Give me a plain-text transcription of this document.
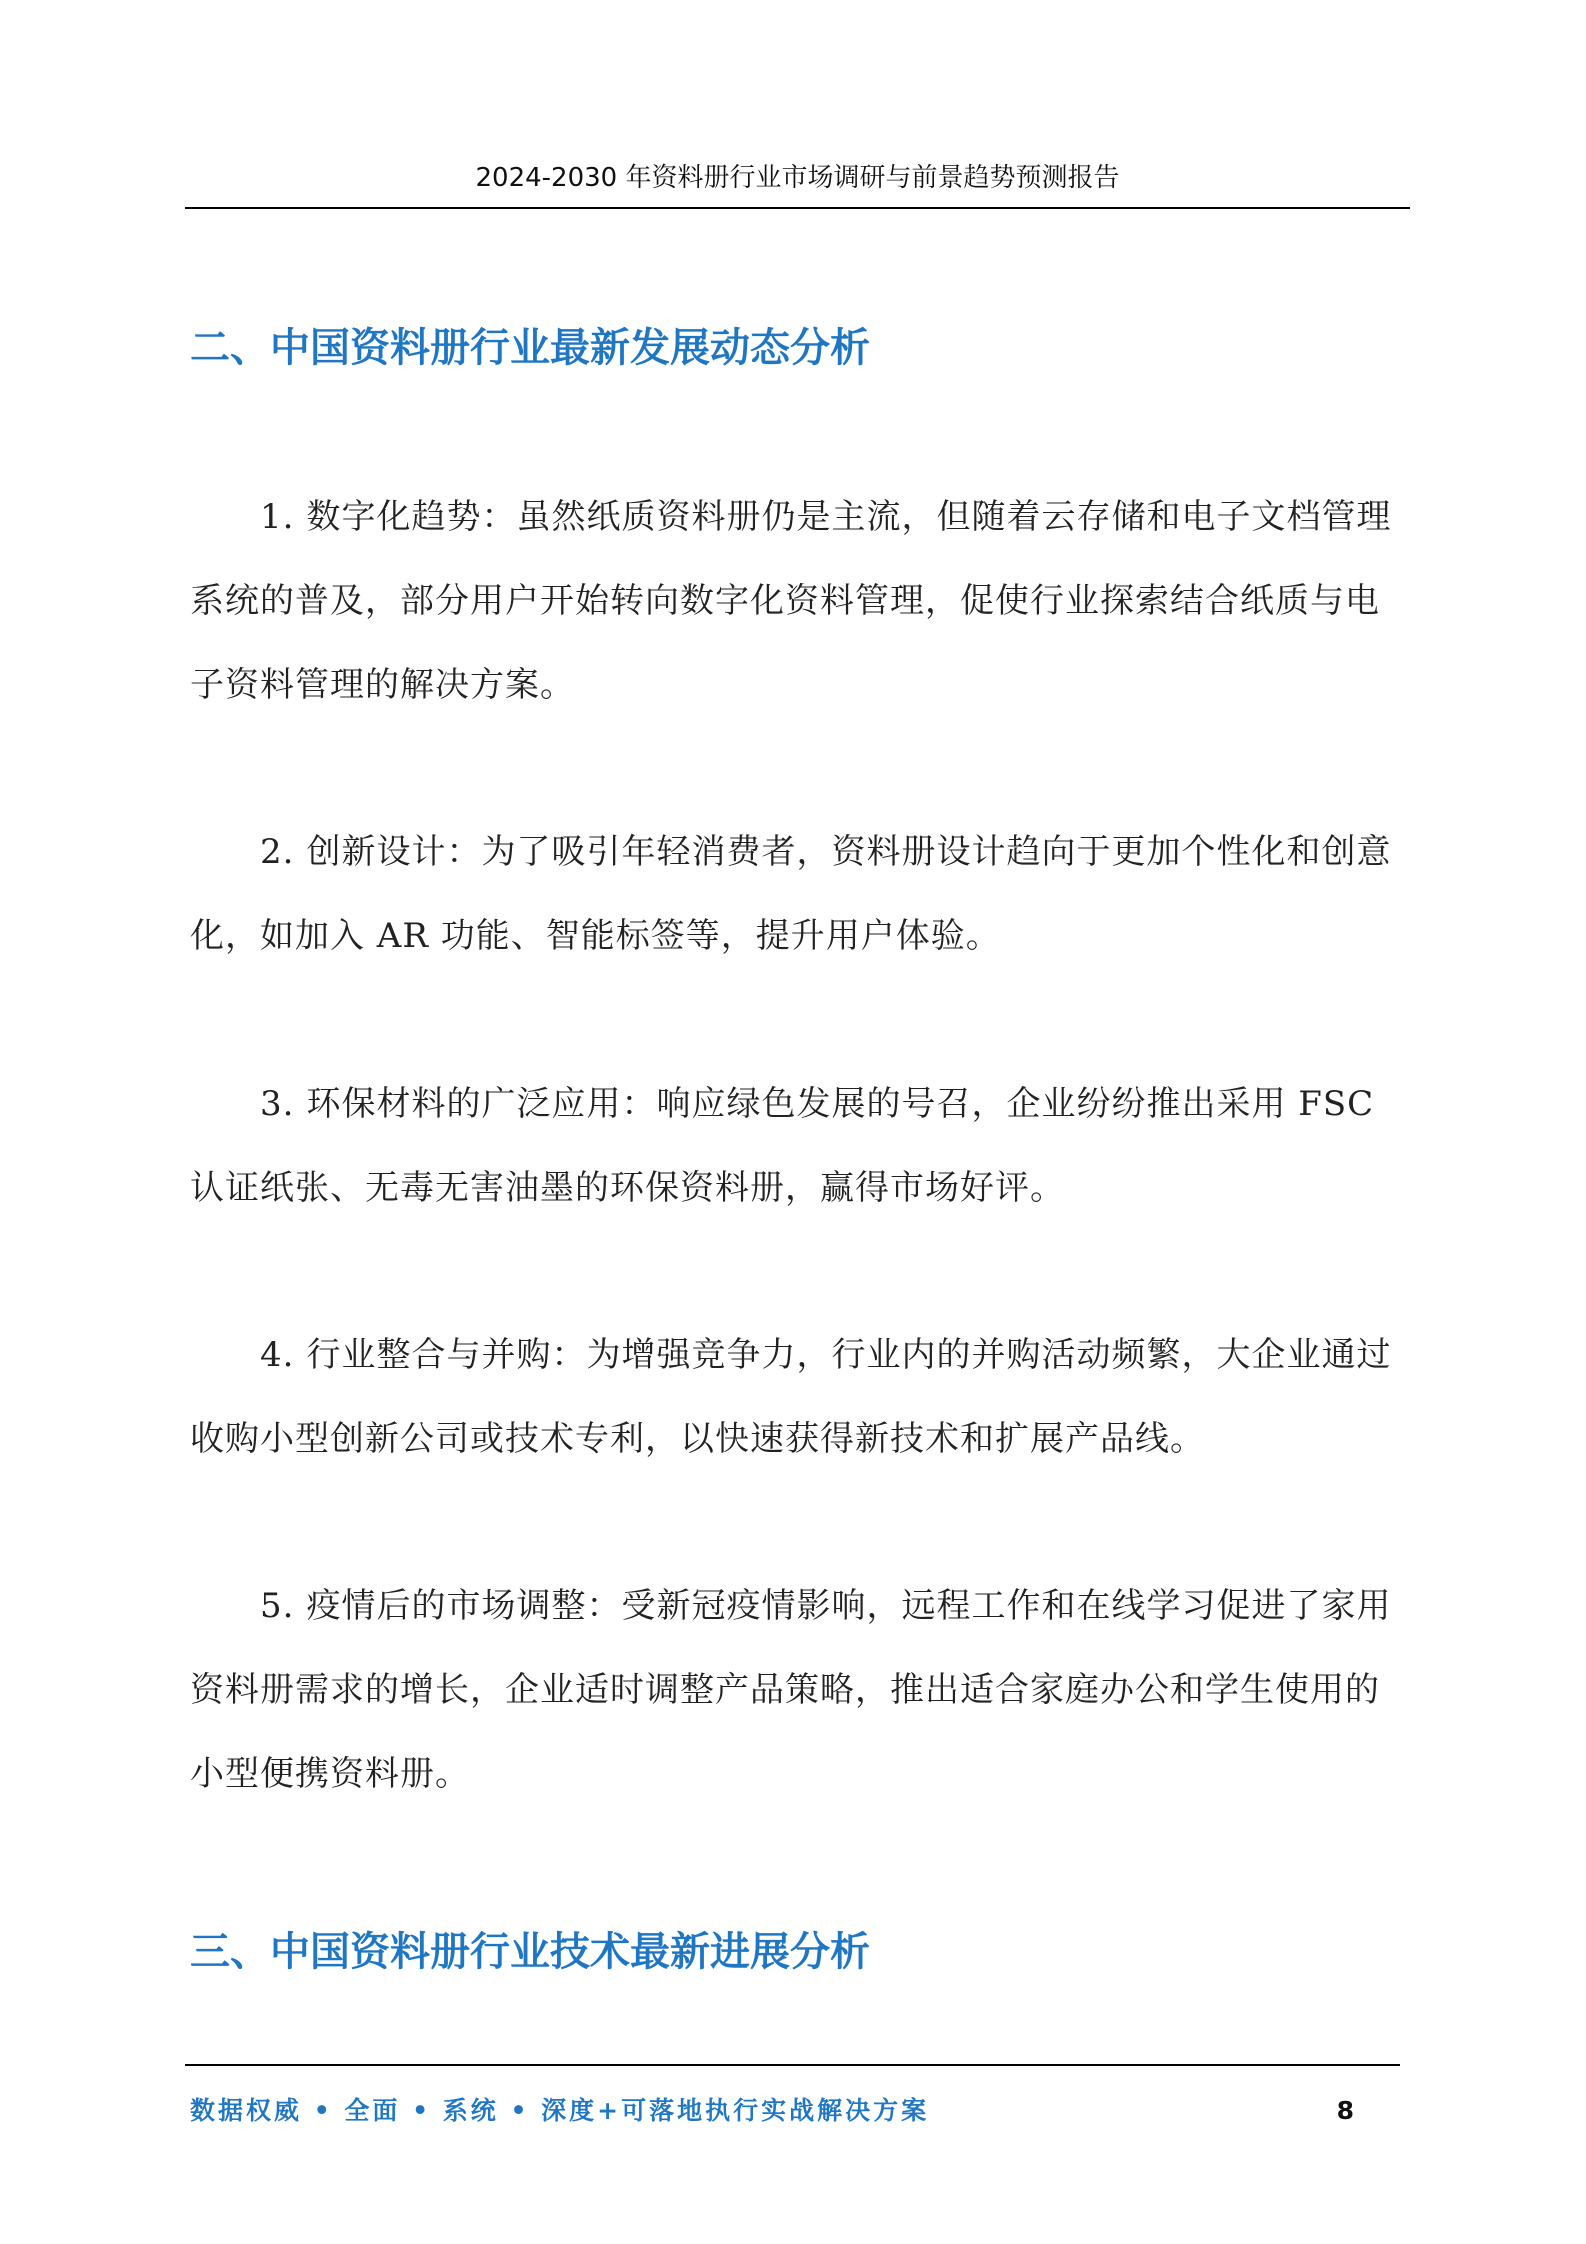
2024-2030 年资料册行业市场调研与前景趋势预测报告
二、中国资料册行业最新发展动态分析

1. 数字化趋势：虽然纸质资料册仍是主流，但随着云存储和电子文档管理系统的普及，部分用户开始转向数字化资料管理，促使行业探索结合纸质与电子资料管理的解决方案。

2. 创新设计：为了吸引年轻消费者，资料册设计趋向于更加个性化和创意化，如加入 AR 功能、智能标签等，提升用户体验。

3. 环保材料的广泛应用：响应绿色发展的号召，企业纷纷推出采用 FSC 认证纸张、无毒无害油墨的环保资料册，赢得市场好评。

4. 行业整合与并购：为增强竞争力，行业内的并购活动频繁，大企业通过收购小型创新公司或技术专利，以快速获得新技术和扩展产品线。

5. 疫情后的市场调整：受新冠疫情影响，远程工作和在线学习促进了家用资料册需求的增长，企业适时调整产品策略，推出适合家庭办公和学生使用的小型便携资料册。

三、中国资料册行业技术最新进展分析
数据权威 • 全面 • 系统 • 深度+可落地执行实战解决方案	8
